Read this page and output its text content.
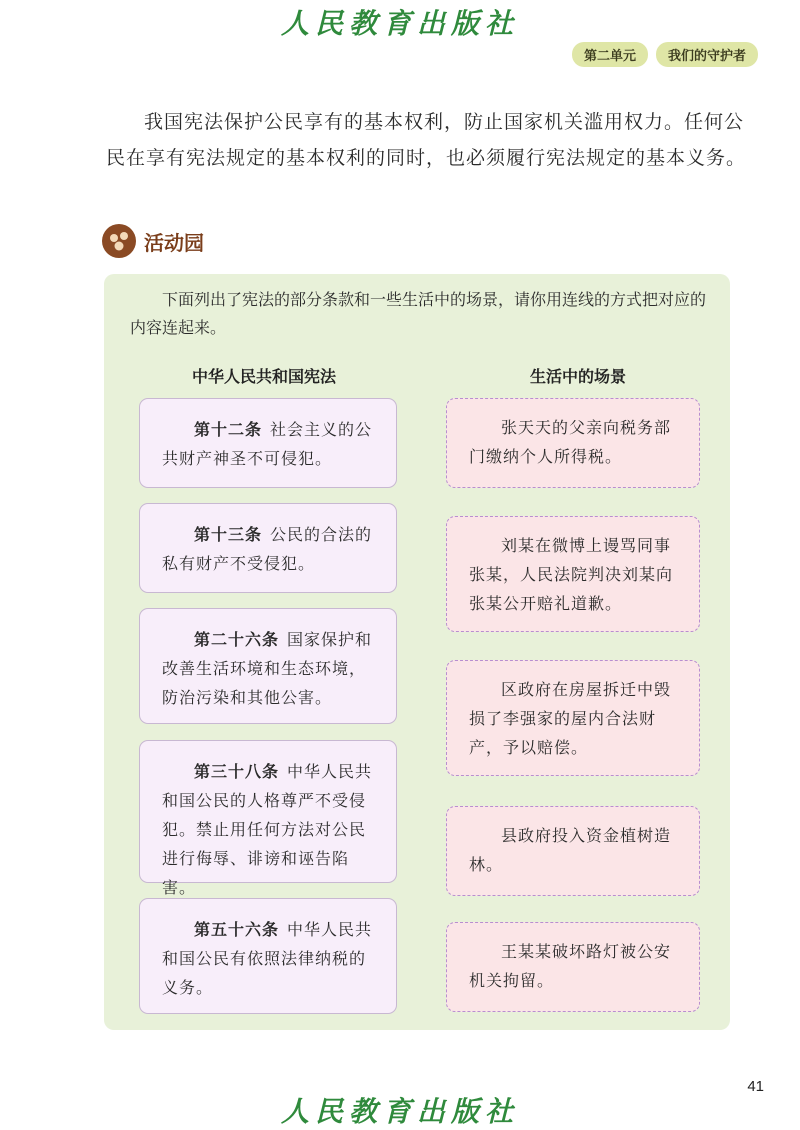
人民教育出版社
第二单元	我们的守护者

我国宪法保护公民享有的基本权利，防止国家机关滥用权力。任何公民在享有宪法规定的基本权利的同时，也必须履行宪法规定的基本义务。

活动园

下面列出了宪法的部分条款和一些生活中的场景，请你用连线的方式把对应的内容连起来。

中华人民共和国宪法	生活中的场景

第十二条 社会主义的公共财产神圣不可侵犯。

第十三条 公民的合法的私有财产不受侵犯。

第二十六条 国家保护和改善生活环境和生态环境，防治污染和其他公害。

第三十八条 中华人民共和国公民的人格尊严不受侵犯。禁止用任何方法对公民进行侮辱、诽谤和诬告陷害。

第五十六条 中华人民共和国公民有依照法律纳税的义务。

张天天的父亲向税务部门缴纳个人所得税。

刘某在微博上谩骂同事张某，人民法院判决刘某向张某公开赔礼道歉。

区政府在房屋拆迁中毁损了李强家的屋内合法财产，予以赔偿。

县政府投入资金植树造林。

王某某破坏路灯被公安机关拘留。

41
人民教育出版社
